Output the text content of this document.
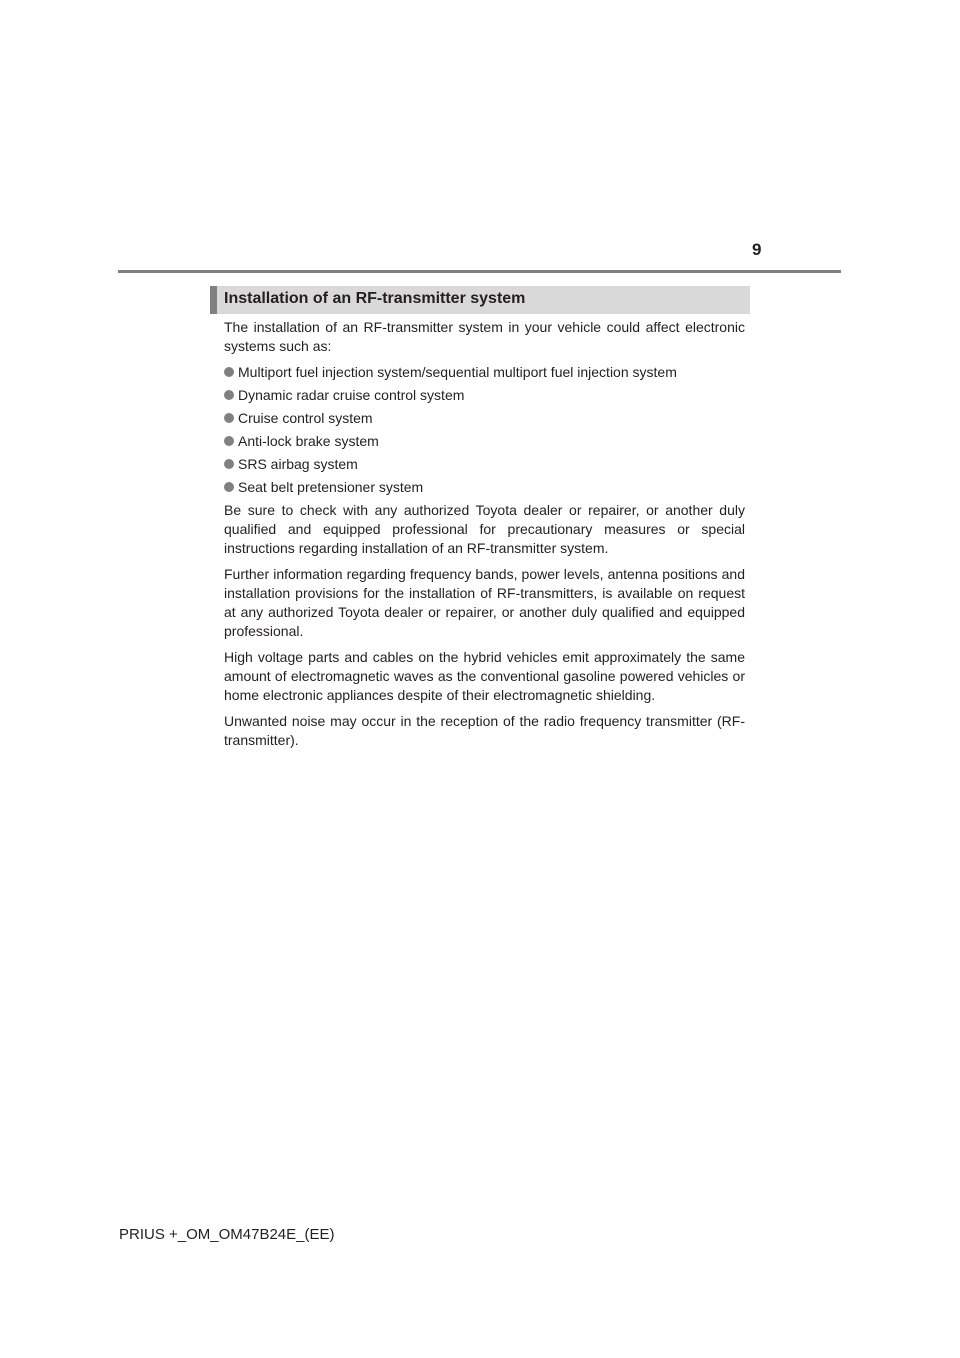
9
Installation of an RF-transmitter system

The installation of an RF-transmitter system in your vehicle could affect electronic systems such as:

Multiport fuel injection system/sequential multiport fuel injection system
Dynamic radar cruise control system
Cruise control system
Anti-lock brake system
SRS airbag system
Seat belt pretensioner system

Be sure to check with any authorized Toyota dealer or repairer, or another duly qualified and equipped professional for precautionary measures or special instructions regarding installation of an RF-transmitter system.

Further information regarding frequency bands, power levels, antenna positions and installation provisions for the installation of RF-transmitters, is available on request at any authorized Toyota dealer or repairer, or another duly qualified and equipped professional.

High voltage parts and cables on the hybrid vehicles emit approximately the same amount of electromagnetic waves as the conventional gasoline powered vehicles or home electronic appliances despite of their electromagnetic shielding.

Unwanted noise may occur in the reception of the radio frequency transmitter (RF-transmitter).

PRIUS +_OM_OM47B24E_(EE)
